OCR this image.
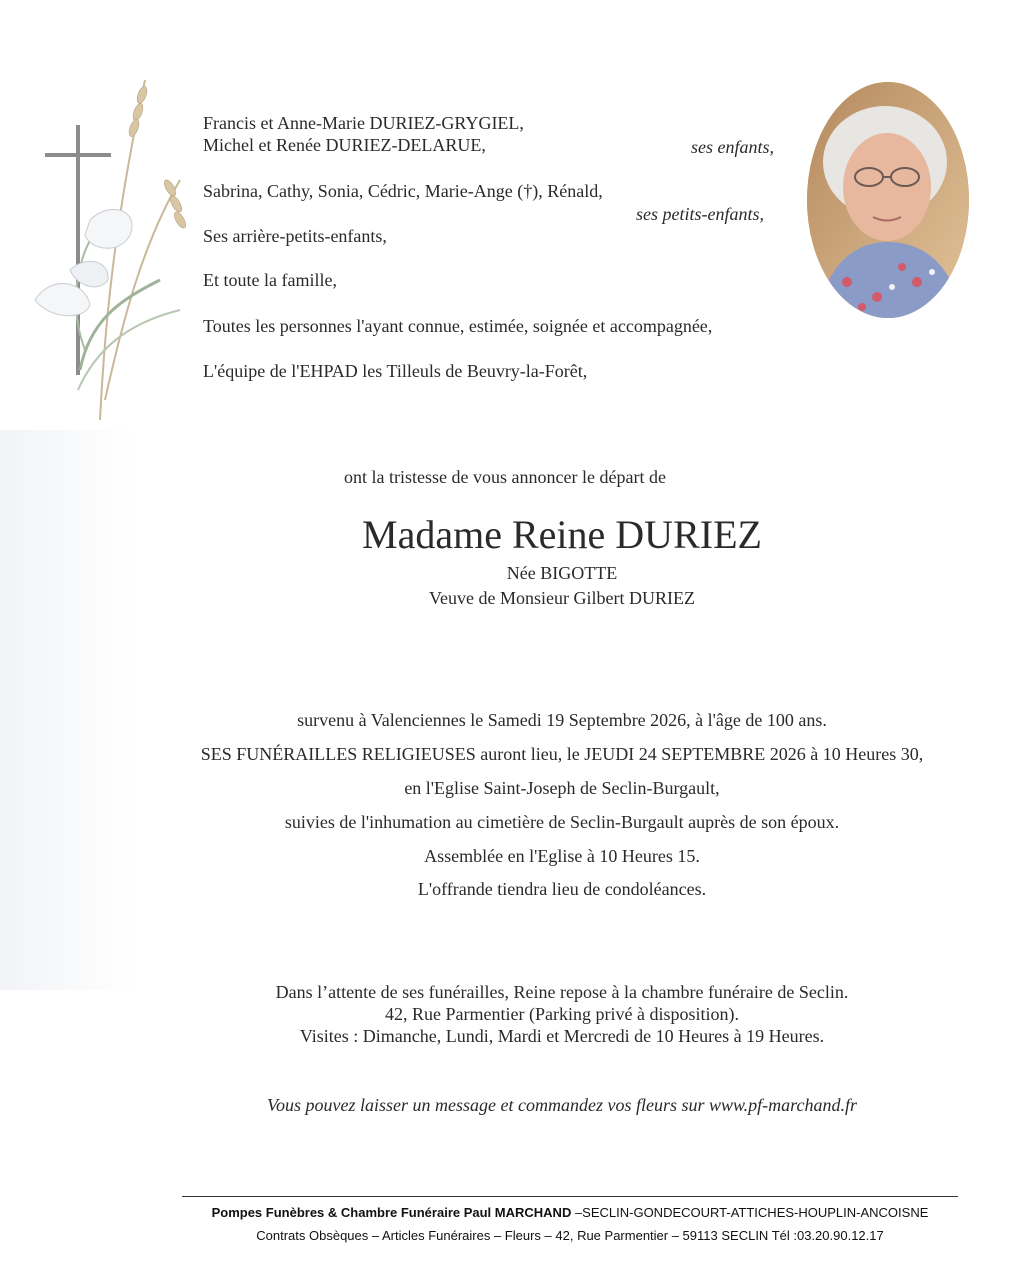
Francis et Anne-Marie DURIEZ-GRYGIEL,
Michel et Renée DURIEZ-DELARUE,	ses enfants,
Sabrina, Cathy, Sonia, Cédric, Marie-Ange (†), Rénald,
ses petits-enfants,
Ses arrière-petits-enfants,
Et toute la famille,
Toutes les personnes l'ayant connue, estimée, soignée et accompagnée,
L'équipe de l'EHPAD les Tilleuls de Beuvry-la-Forêt,
ont la tristesse de vous annoncer le départ de
Madame Reine DURIEZ
Née BIGOTTE
Veuve de Monsieur Gilbert DURIEZ
survenu à Valenciennes le Samedi 19 Septembre 2026, à l'âge de 100 ans.
SES FUNÉRAILLES RELIGIEUSES auront lieu, le JEUDI 24 SEPTEMBRE 2026 à 10 Heures 30,
en l'Eglise Saint-Joseph de Seclin-Burgault,
suivies de l'inhumation au cimetière de Seclin-Burgault auprès de son époux.
Assemblée en l'Eglise à 10 Heures 15.
L'offrande tiendra lieu de condoléances.
Dans l’attente de ses funérailles, Reine repose à la chambre funéraire de Seclin.
42, Rue Parmentier (Parking privé à disposition).
Visites : Dimanche, Lundi, Mardi et Mercredi de 10 Heures à 19 Heures.
Vous pouvez laisser un message et commandez vos fleurs sur www.pf-marchand.fr
Pompes Funèbres & Chambre Funéraire Paul MARCHAND –SECLIN-GONDECOURT-ATTICHES-HOUPLIN-ANCOISNE
Contrats Obsèques – Articles Funéraires – Fleurs – 42, Rue Parmentier – 59113 SECLIN Tél :03.20.90.12.17
